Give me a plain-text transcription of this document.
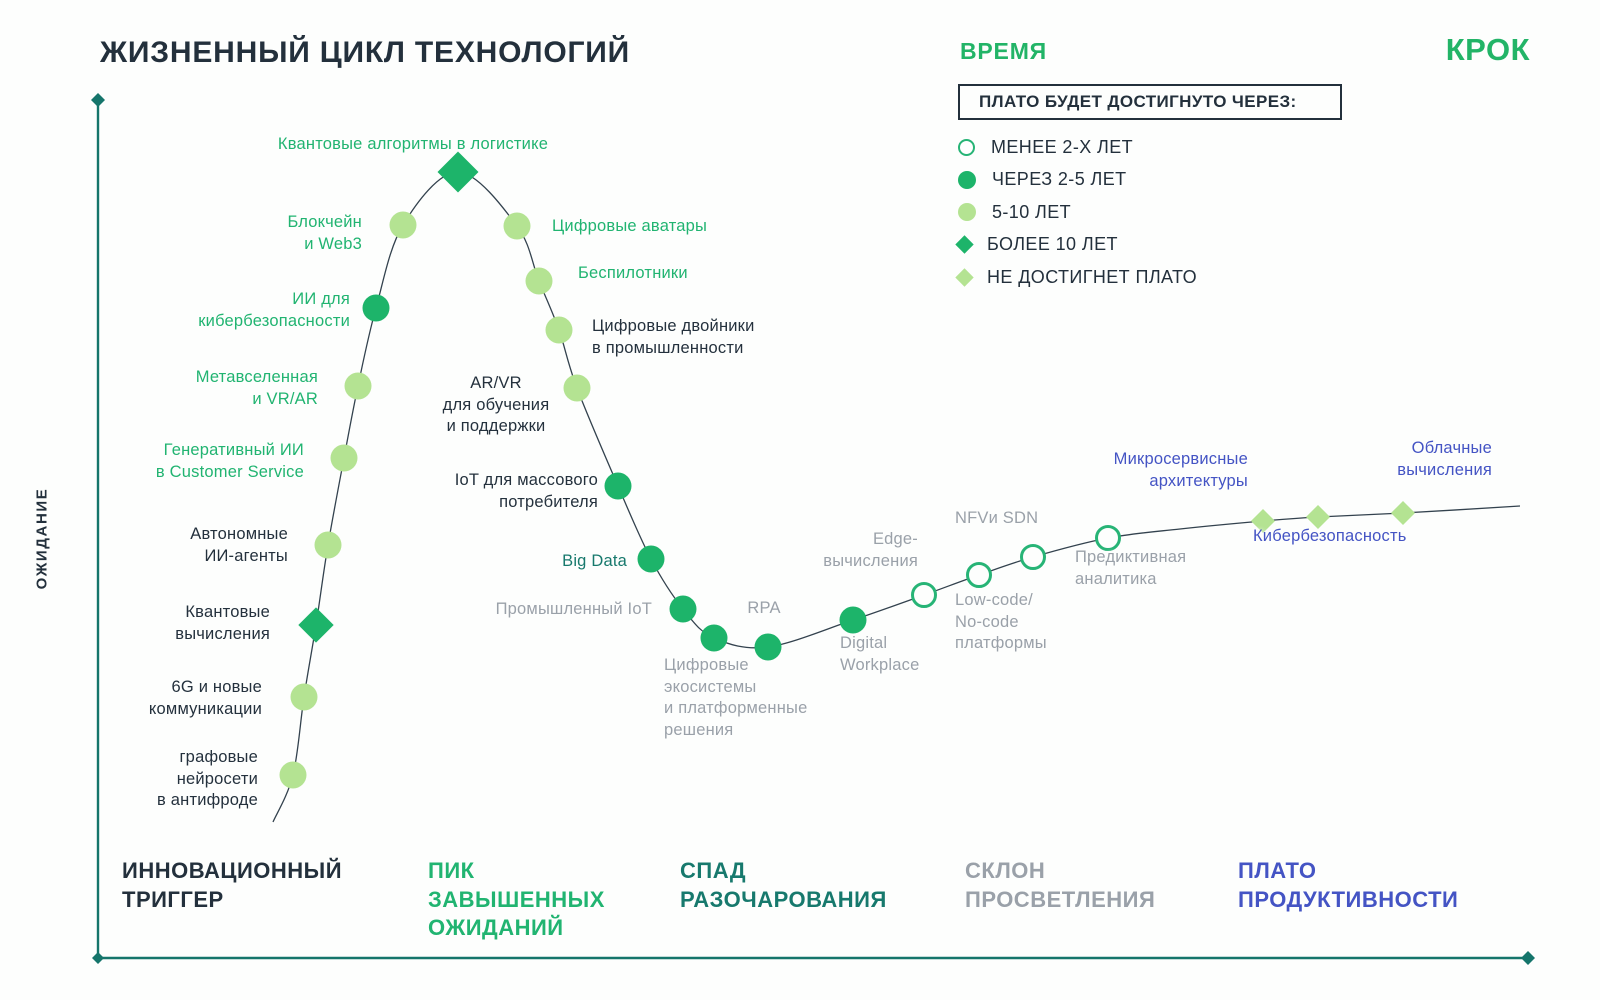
ЖИЗНЕННЫЙ ЦИКЛ ТЕХНОЛОГИЙ	КРОК
ВРЕМЯ
ОЖИДАНИЕ
ПЛАТО БУДЕТ ДОСТИГНУТО ЧЕРЕЗ:
МЕНЕЕ 2-Х ЛЕТ
ЧЕРЕЗ 2-5 ЛЕТ
5-10 ЛЕТ
БОЛЕЕ 10 ЛЕТ
НЕ ДОСТИГНЕТ ПЛАТО
графовые
нейросети
в антифроде
6G и новые
коммуникации
Квантовые
вычисления
Автономные
ИИ-агенты
Генеративный ИИ
в Customer Service
Метавселенная
и VR/AR
ИИ для
кибербезопасности
Блокчейн
и Web3
Квантовые алгоритмы в логистике
Цифровые аватары
Беспилотники
Цифровые двойники
в промышленности
AR/VR
для обучения
и поддержки
IoT для массового
потребителя
Big Data
Промышленный IoT
Цифровые
экосистемы
и платформенные
решения
RPA
Digital
Workplace
Edge-
вычисления
Low-code/
No-code
платформы
NFVи SDN
Предиктивная
аналитика
Микросервисные
архитектуры
Кибербезопасность
Облачные
вычисления
ИННОВАЦИОННЫЙ
ТРИГГЕР
ПИК
ЗАВЫШЕННЫХ
ОЖИДАНИЙ
СПАД
РАЗОЧАРОВАНИЯ
СКЛОН
ПРОСВЕТЛЕНИЯ
ПЛАТО
ПРОДУКТИВНОСТИ
